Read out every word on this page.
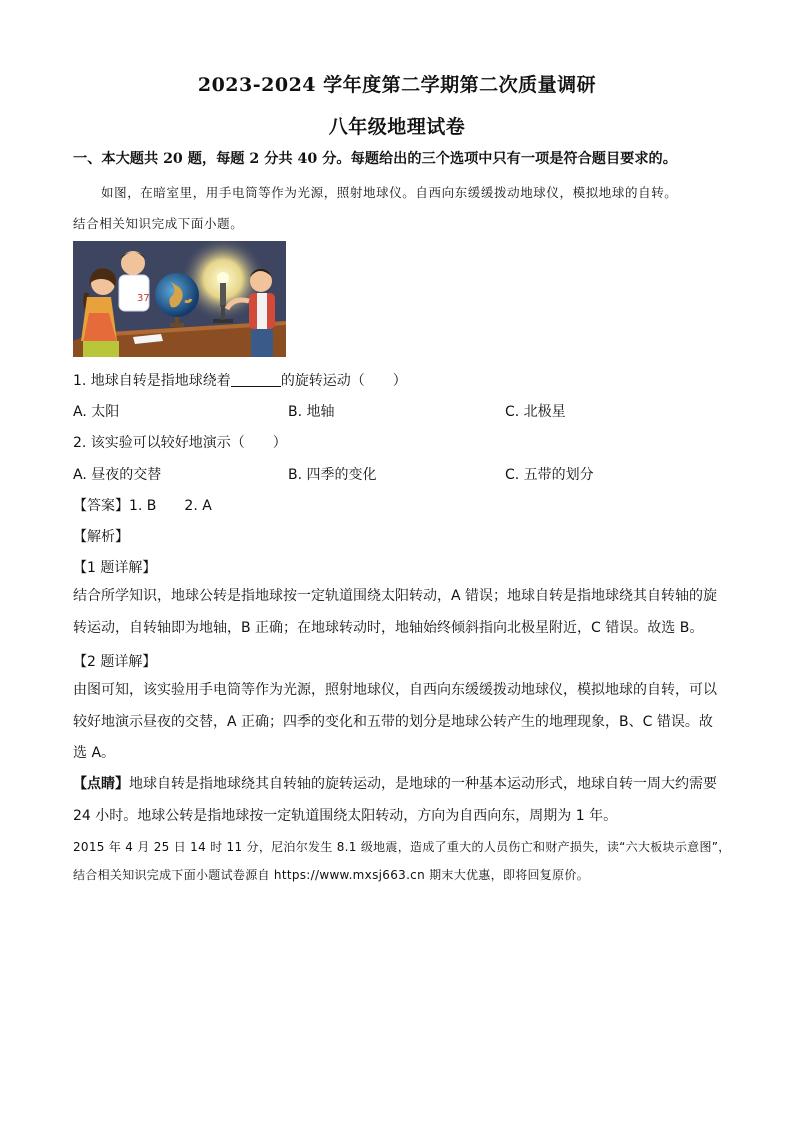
2023-2024 学年度第二学期第二次质量调研
八年级地理试卷
一、本大题共 20 题，每题 2 分共 40 分。每题给出的三个选项中只有一项是符合题目要求的。
如图，在暗室里，用手电筒等作为光源，照射地球仪。自西向东缓缓拨动地球仪，模拟地球的自转。
结合相关知识完成下面小题。
37
1. 地球自转是指地球绕着	的旋转运动（　　）
A. 太阳	B. 地轴	C. 北极星
2. 该实验可以较好地演示（　　）
A. 昼夜的交替	B. 四季的变化	C. 五带的划分
【答案】1. B 2. A
【解析】
【1 题详解】
结合所学知识，地球公转是指地球按一定轨道围绕太阳转动，A 错误；地球自转是指地球绕其自转轴的旋转运动，自转轴即为地轴，B 正确；在地球转动时，地轴始终倾斜指向北极星附近，C 错误。故选 B。
【2 题详解】
由图可知，该实验用手电筒等作为光源，照射地球仪，自西向东缓缓拨动地球仪，模拟地球的自转，可以较好地演示昼夜的交替，A 正确；四季的变化和五带的划分是地球公转产生的地理现象，B、C 错误。故选 A。
【点睛】地球自转是指地球绕其自转轴的旋转运动，是地球的一种基本运动形式，地球自转一周大约需要 24 小时。地球公转是指地球按一定轨道围绕太阳转动，方向为自西向东，周期为 1 年。
2015 年 4 月 25 日 14 时 11 分，尼泊尔发生 8.1 级地震，造成了重大的人员伤亡和财产损失，读“六大板块示意图”，结合相关知识完成下面小题试卷源自 https://www.mxsj663.cn 期末大优惠，即将回复原价。
